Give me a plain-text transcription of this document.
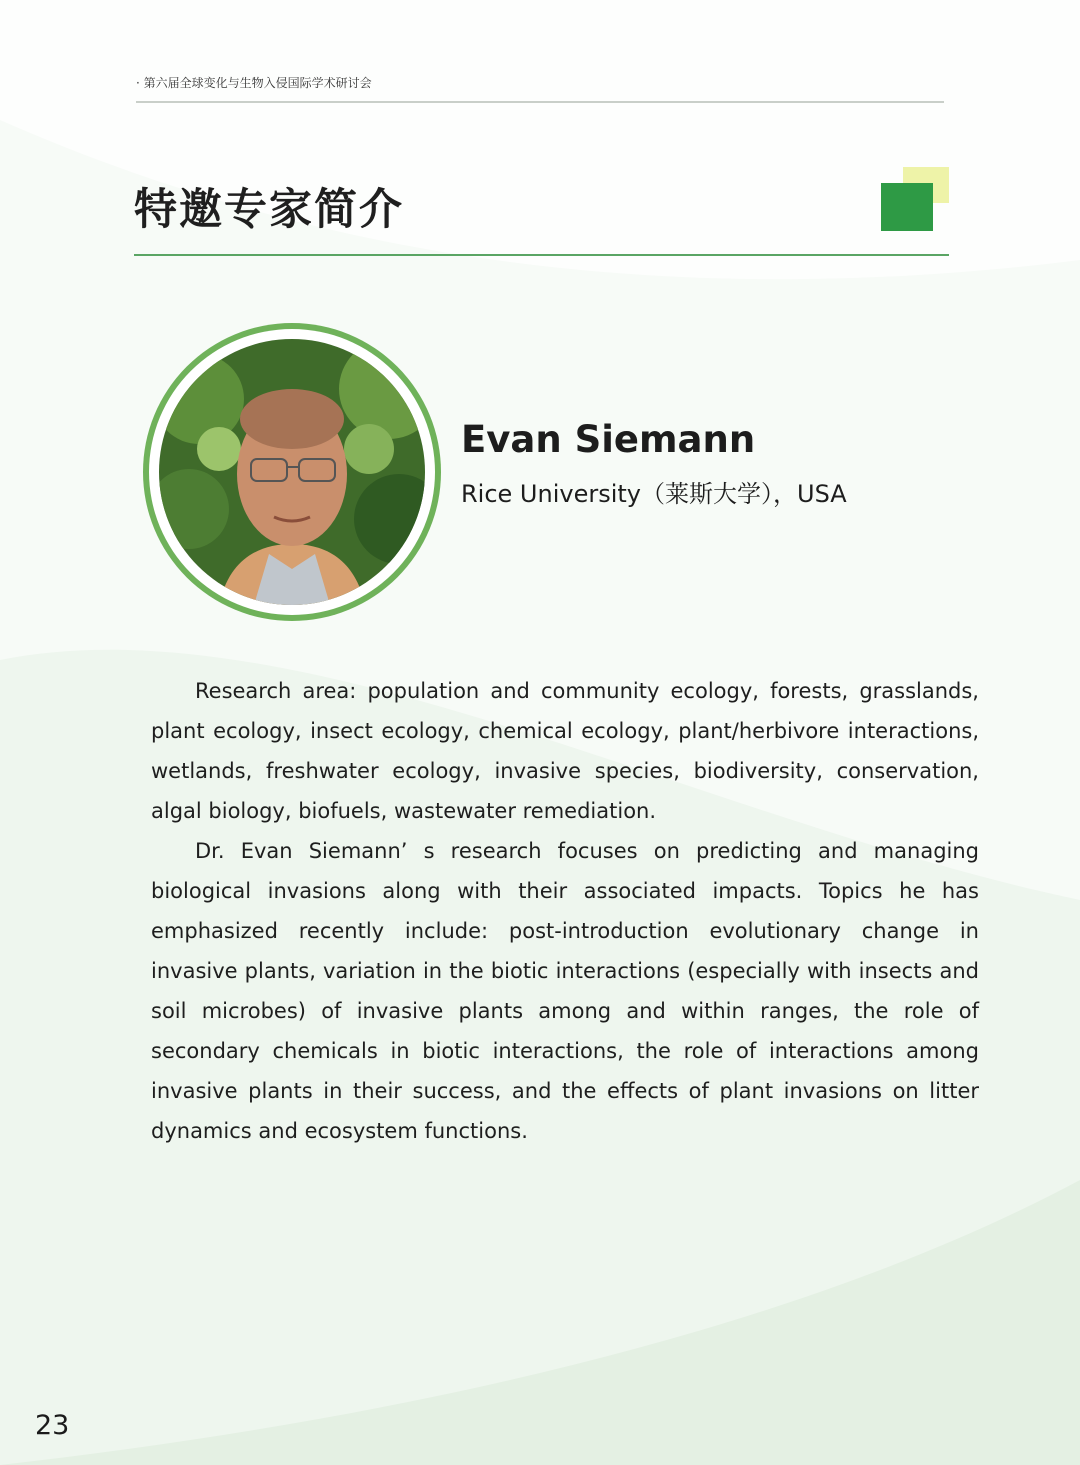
· 第六届全球变化与生物入侵国际学术研讨会
特邀专家简介
Evan Siemann
Rice University（莱斯大学），USA

Research area: population and community ecology, forests, grasslands, plant ecology, insect ecology, chemical ecology, plant/herbivore interactions, wetlands, freshwater ecology, invasive species, biodiversity, conservation, algal biology, biofuels, wastewater remediation.

Dr. Evan Siemann’ s research focuses on predicting and managing biological invasions along with their associated impacts. Topics he has emphasized recently include: post-introduction evolutionary change in invasive plants, variation in the biotic interactions (especially with insects and soil microbes) of invasive plants among and within ranges, the role of secondary chemicals in biotic interactions, the role of interactions among invasive plants in their success, and the effects of plant invasions on litter dynamics and ecosystem functions.

23
